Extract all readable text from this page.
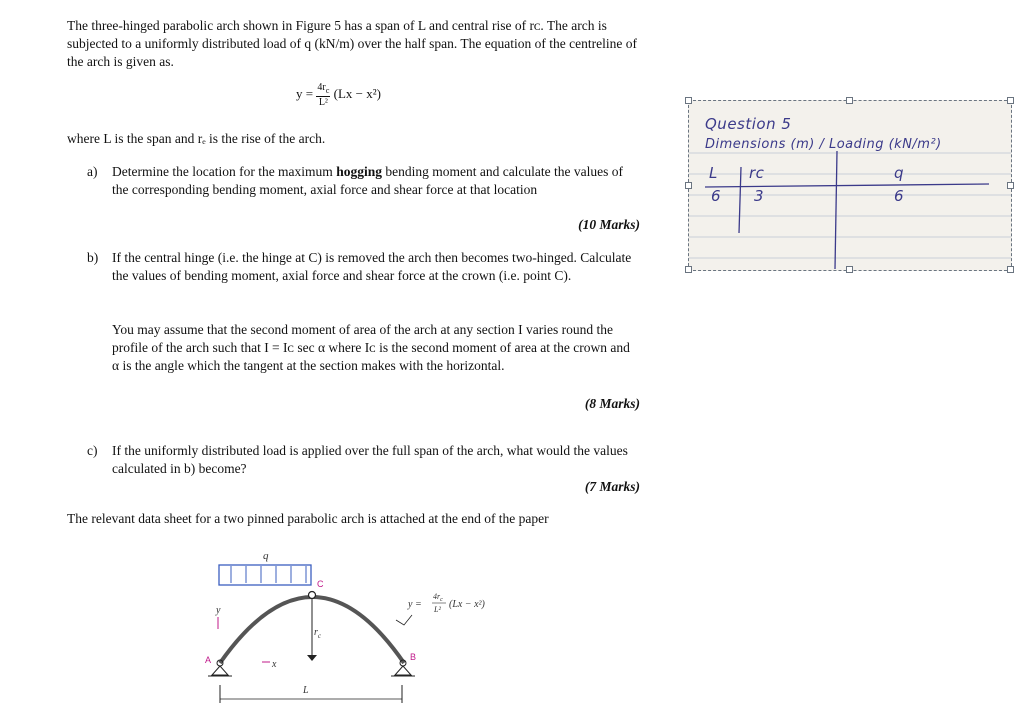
The three-hinged parabolic arch shown in Figure 5 has a span of L and central rise of rᴄ. The arch is subjected to a uniformly distributed load of q (kN/m) over the half span. The equation of the centreline of the arch is given as.
$y = \frac{4r_c}{\text{L²}} (Lx - x^2)$
where L is the span and rₑ is the rise of the arch.
a) Determine the location for the maximum hogging bending moment and calculate the values of the corresponding bending moment, axial force and shear force at that location
(10 Marks)
b) If the central hinge (i.e. the hinge at C) is removed the arch then becomes two-hinged. Calculate the values of bending moment, axial force and shear force at the crown (i.e. point C).
You may assume that the second moment of area of the arch at any section I varies round the profile of the arch such that I = Iᴄ sec α where Iᴄ is the second moment of area at the crown and α is the angle which the tangent at the section makes with the horizontal.
(8 Marks)
c) If the uniformly distributed load is applied over the full span of the arch, what would the values calculated in b) become?
(7 Marks)
The relevant data sheet for a two pinned parabolic arch is attached at the end of the paper
q
C
$r_c$
A	B
y
x
L
y =
$4r_c$
L² (Lx − x²)
Question 5
Dimensions (m) / Loading (kN/m²)
L rc	q
6 3	6
